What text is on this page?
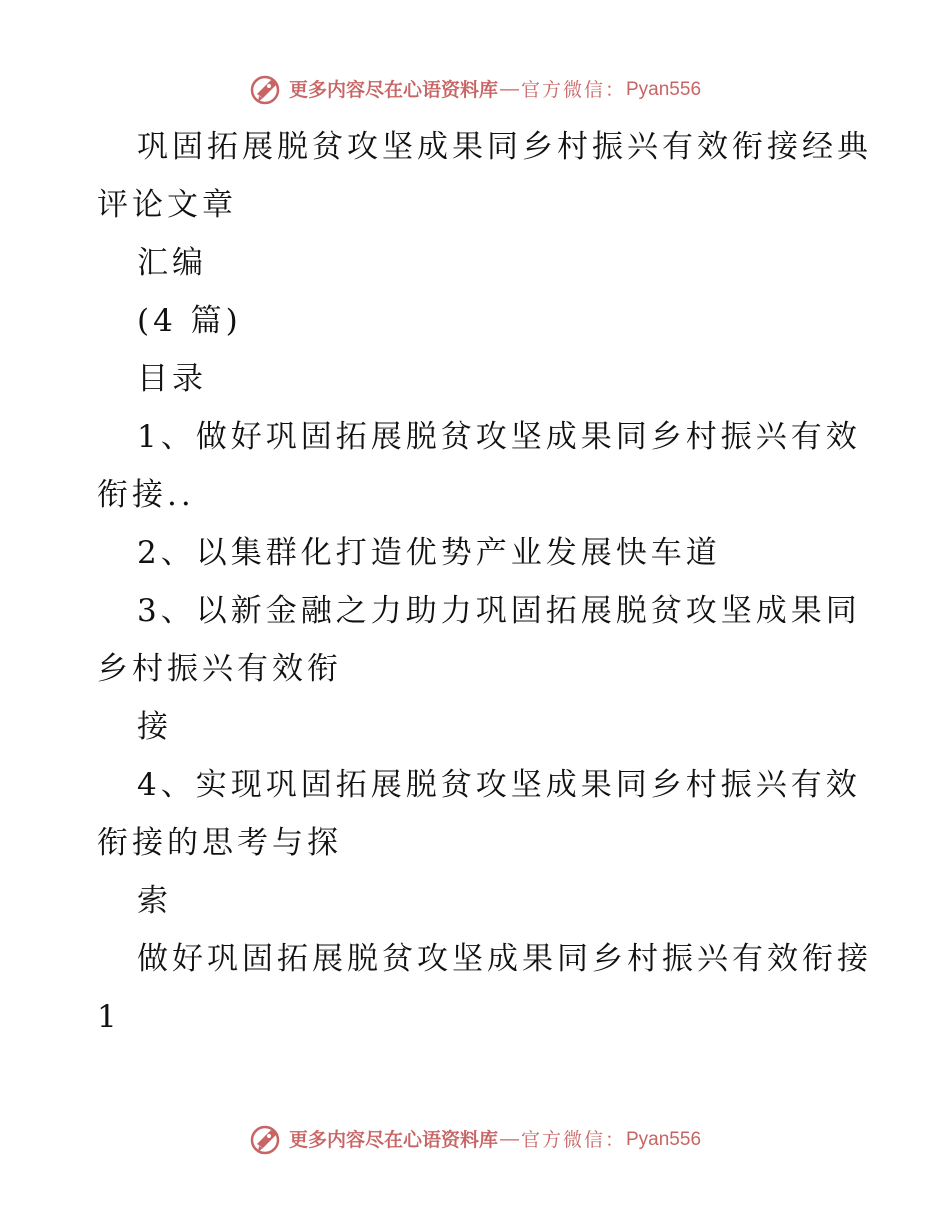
更多内容尽在心语资料库 — 官方微信： Pyan556
巩固拓展脱贫攻坚成果同乡村振兴有效衔接经典
评论文章
汇编
(4 篇)
目录
1、做好巩固拓展脱贫攻坚成果同乡村振兴有效
衔接..
2、以集群化打造优势产业发展快车道
3、以新金融之力助力巩固拓展脱贫攻坚成果同
乡村振兴有效衔
接
4、实现巩固拓展脱贫攻坚成果同乡村振兴有效
衔接的思考与探
索
做好巩固拓展脱贫攻坚成果同乡村振兴有效衔接
1
更多内容尽在心语资料库 — 官方微信： Pyan556
